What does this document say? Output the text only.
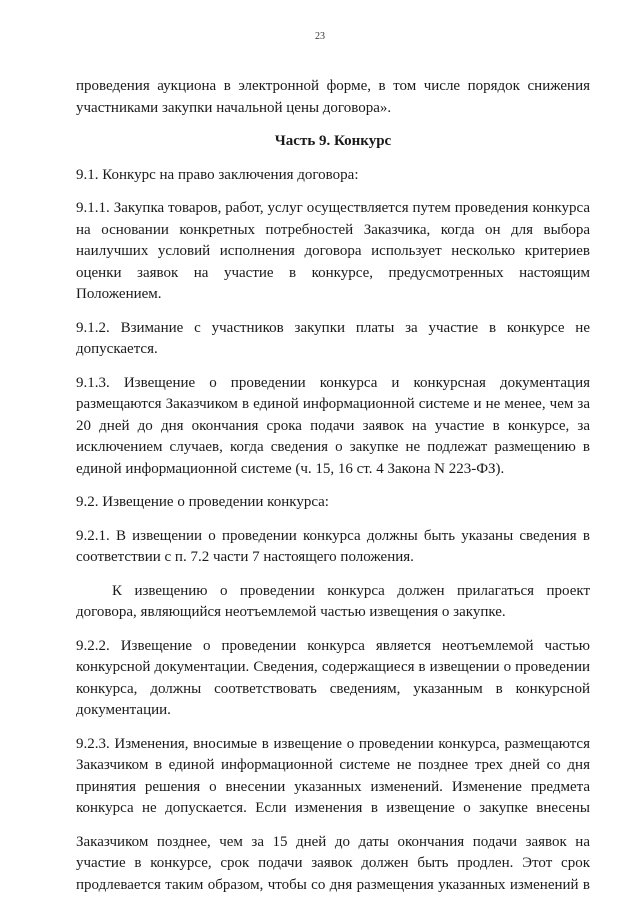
23

проведения аукциона в электронной форме, в том числе порядок снижения участниками закупки начальной цены договора».

Часть 9. Конкурс

9.1. Конкурс на право заключения договора:

9.1.1. Закупка товаров, работ, услуг осуществляется путем проведения конкурса на основании конкретных потребностей Заказчика, когда он для выбора наилучших условий исполнения договора использует несколько критериев оценки заявок на участие в конкурсе, предусмотренных настоящим Положением.

9.1.2. Взимание с участников закупки платы за участие в конкурсе не допускается.

9.1.3. Извещение о проведении конкурса и конкурсная документация размещаются Заказчиком в единой информационной системе и не менее, чем за 20 дней до дня окончания срока подачи заявок на участие в конкурсе, за исключением случаев, когда сведения о закупке не подлежат размещению в единой информационной системе (ч. 15, 16 ст. 4 Закона N 223-ФЗ).

9.2. Извещение о проведении конкурса:

9.2.1. В извещении о проведении конкурса должны быть указаны сведения в соответствии с п. 7.2 части 7 настоящего положения.

К извещению о проведении конкурса должен прилагаться проект договора, являющийся неотъемлемой частью извещения о закупке.

9.2.2. Извещение о проведении конкурса является неотъемлемой частью конкурсной документации. Сведения, содержащиеся в извещении о проведении конкурса, должны соответствовать сведениям, указанным в конкурсной документации.

9.2.3. Изменения, вносимые в извещение о проведении конкурса, размещаются Заказчиком в единой информационной системе не позднее трех дней со дня принятия решения о внесении указанных изменений. Изменение предмета конкурса не допускается. Если изменения в извещение о закупке внесены

Заказчиком позднее, чем за 15 дней до даты окончания подачи заявок на участие в конкурсе, срок подачи заявок должен быть продлен. Этот срок продлевается таким образом, чтобы со дня размещения указанных изменений в
